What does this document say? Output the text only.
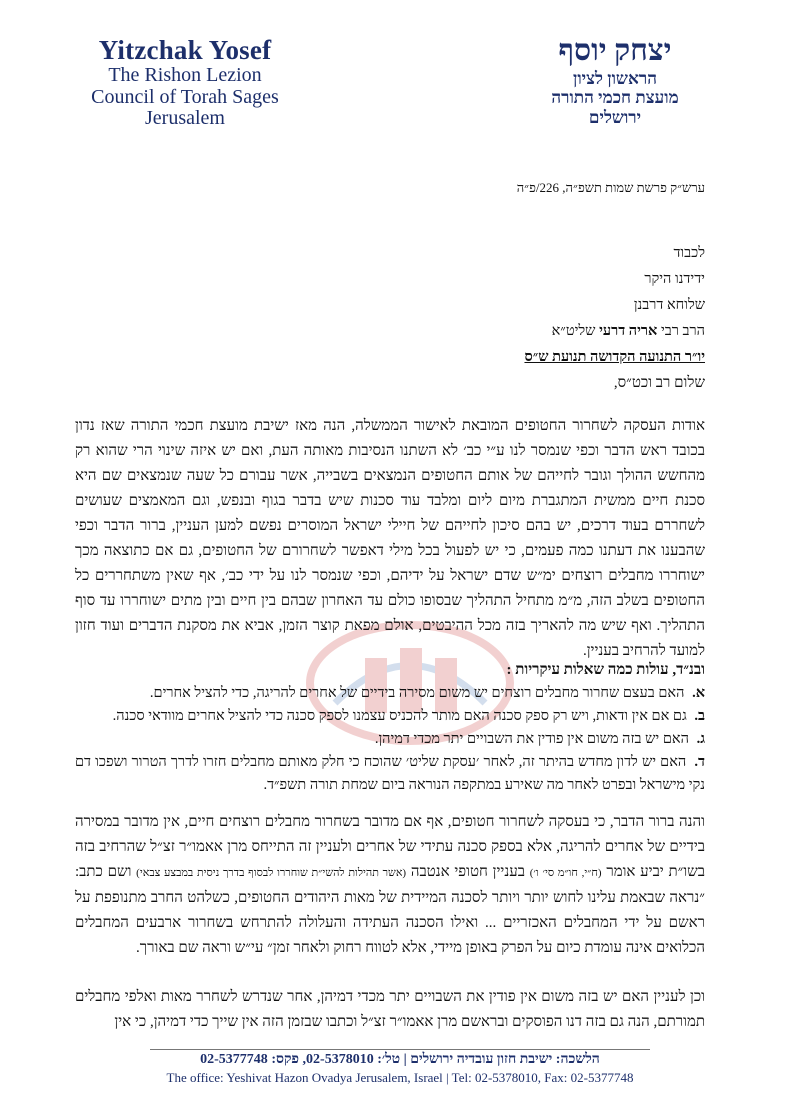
Yitzchak Yosef
The Rishon Lezion
Council of Torah Sages
Jerusalem
יצחק יוסף
הראשון לציון
מועצת חכמי התורה
ירושלים
ערש״ק פרשת שמות תשפ״ה, 226/פ״ה
לכבוד
ידידנו היקר
שלוחא דרבנן
הרב רבי אריה דרעי שליט״א
יו״ר התנועה הקדושה תנועת ש״ס
שלום רב וכט״ס,
אודות העסקה לשחרור החטופים המובאת לאישור הממשלה, הנה מאז ישיבת מועצת חכמי התורה שאז נדון בכובד ראש הדבר וכפי שנמסר לנו ע״י כב׳ לא השתנו הנסיבות מאותה העת, ואם יש איזה שינוי הרי שהוא רק מהחשש ההולך וגובר לחייהם של אותם החטופים הנמצאים בשבייה, אשר עבורם כל שעה שנמצאים שם היא סכנת חיים ממשית המתגברת מיום ליום ומלבד עוד סכנות שיש בדבר בגוף ובנפש, וגם המאמצים שעושים לשחררם בעוד דרכים, יש בהם סיכון לחייהם של חיילי ישראל המוסרים נפשם למען העניין, ברור הדבר וכפי שהבענו את דעתנו כמה פעמים, כי יש לפעול בכל מילי דאפשר לשחרורם של החטופים, גם אם כתוצאה מכך ישוחררו מחבלים רוצחים ימ״ש שדם ישראל על ידיהם, וכפי שנמסר לנו על ידי כב׳, אף שאין משתחררים כל החטופים בשלב הזה, מ״מ מתחיל התהליך שבסופו כולם עד האחרון שבהם בין חיים ובין מתים ישוחררו עד סוף התהליך. ואף שיש מה להאריך בזה מכל ההיבטים, אולם מפאת קוצר הזמן, אביא את מסקנת הדברים ועוד חזון למועד להרחיב בעניין.
ובנ״ד, עולות כמה שאלות עיקריות :
א. האם בעצם שחרור מחבלים רוצחים יש משום מסירה בידיים של אחרים להריגה, כדי להציל אחרים.
ב. גם אם אין ודאות, ויש רק ספק סכנה האם מותר להכניס עצמנו לספק סכנה כדי להציל אחרים מוודאי סכנה.
ג. האם יש בזה משום אין פודין את השבויים יתר מכדי דמיהן.
ד. האם יש לדון מחדש בהיתר זה, לאחר ׳עסקת שליט׳ שהוכח כי חלק מאותם מחבלים חזרו לדרך הטרור ושפכו דם נקי מישראל ובפרט לאחר מה שאירע במתקפה הנוראה ביום שמחת תורה תשפ״ד.
והנה ברור הדבר, כי בעסקה לשחרור חטופים, אף אם מדובר בשחרור מחבלים רוצחים חיים, אין מדובר במסירה בידיים של אחרים להריגה, אלא בספק סכנה עתידי של אחרים ולעניין זה התייחס מרן אאמו״ר זצ״ל שהרחיב בזה בשו״ת יביע אומר (ח״י, חו״מ סי׳ ו׳) בעניין חטופי אנטבה (אשר תהילות להשי״ת שוחררו לבסוף בדרך ניסית במבצע צבאי) ושם כתב: ״נראה שבאמת עלינו לחוש יותר ויותר לסכנה המיידית של מאות היהודים החטופים, כשלהט החרב מתנופפת על ראשם על ידי המחבלים האכזריים ... ואילו הסכנה העתידה והעלולה להתרחש בשחרור ארבעים המחבלים הכלואים אינה עומדת כיום על הפרק באופן מיידי, אלא לטווח רחוק ולאחר זמן״ עי״ש וראה שם באורך.
וכן לעניין האם יש בזה משום אין פודין את השבויים יתר מכדי דמיהן, אחר שנדרש לשחרר מאות ואלפי מחבלים תמורתם, הנה גם בזה דנו הפוסקים ובראשם מרן אאמו״ר זצ״ל וכתבו שבזמן הזה אין שייך כדי דמיהן, כי אין
הלשכה: ישיבת חזון עובדיה ירושלים | טל׳: 02-5378010, פקס: 02-5377748
The office: Yeshivat Hazon Ovadya Jerusalem, Israel | Tel: 02-5378010, Fax: 02-5377748
